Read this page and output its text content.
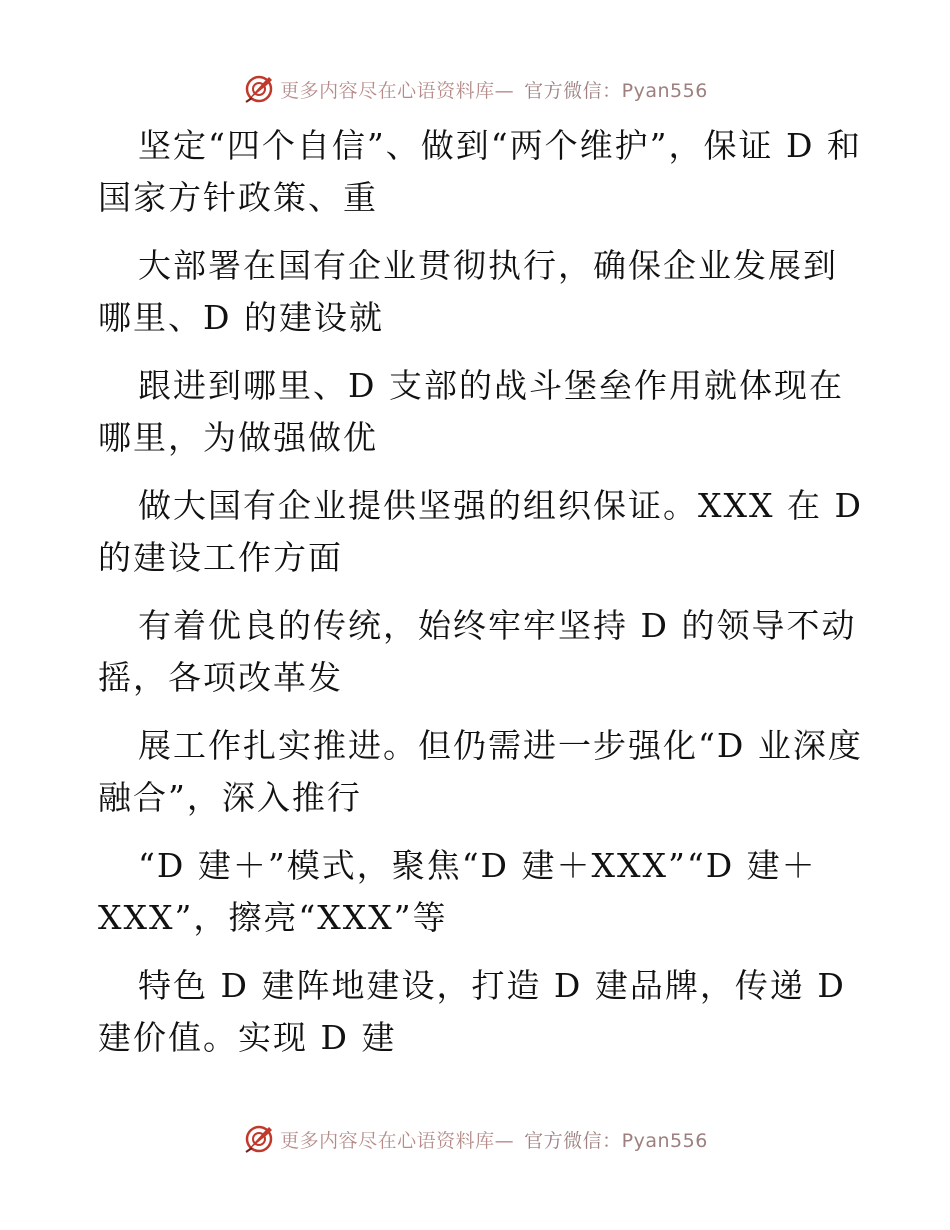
更多内容尽在心语资料库— 官方微信：Pyan556

坚定“四个自信”、做到“两个维护”，保证 D 和国家方针政策、重

大部署在国有企业贯彻执行，确保企业发展到哪里、D 的建设就

跟进到哪里、D 支部的战斗堡垒作用就体现在哪里，为做强做优

做大国有企业提供坚强的组织保证。XXX 在 D 的建设工作方面

有着优良的传统，始终牢牢坚持 D 的领导不动摇，各项改革发

展工作扎实推进。但仍需进一步强化“D 业深度融合”，深入推行

“D 建＋”模式，聚焦“D 建＋XXX”“D 建＋XXX”，擦亮“XXX”等

特色 D 建阵地建设，打造 D 建品牌，传递 D 建价值。实现 D 建

更多内容尽在心语资料库— 官方微信：Pyan556
